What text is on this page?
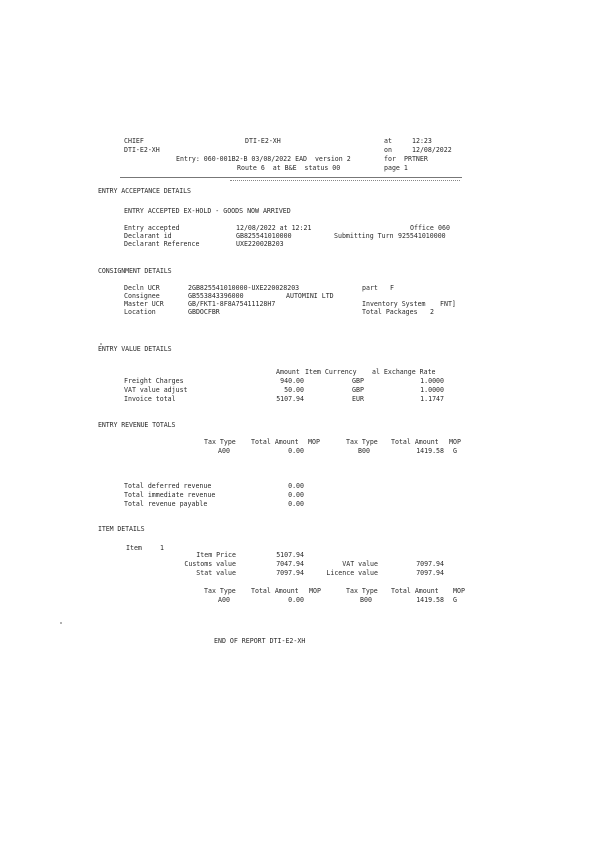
CHIEF	DTI-E2-XH	at	12:23
DTI-E2-XH	on	12/08/2022
Entry: 060-001B2-B 03/08/2022 EAD  version 2	for PRTNER
Route 6  at B&E  status 00	page 1
ENTRY ACCEPTANCE DETAILS
ENTRY ACCEPTED EX-HOLD - GOODS NOW ARRIVED
Entry accepted	12/08/2022 at 12:21	Office 060
Declarant id	GB825541010000	Submitting Turn 925541010000
Declarant Reference	UXE22002B203
CONSIGNMENT DETAILS
Decln UCR	2GB825541010000-UXE220028203	part F
Consignee	GB553843396000	AUTOMINI LTD
Master UCR	GB/FKT1-8F8A75411128H7	Inventory System FNT]
Location	GBDOCFBR	Total Packages 2
ENTRY VALUE DETAILS
Amount Item Currency al Exchange Rate
Freight Charges	940.00	GBP	1.0000
VAT value adjust	50.00	GBP	1.0000
Invoice total	5107.94	EUR	1.1747
ENTRY REVENUE TOTALS
Tax Type Total Amount MOP	Tax Type Total Amount MOP
A00	0.00	B00	1419.58 G
Total deferred revenue	0.00
Total immediate revenue	0.00
Total revenue payable	0.00
ITEM DETAILS
Item	1
Item Price	5107.94
Customs value	7047.94	VAT value	7097.94
Stat value	7097.94	Licence value	7097.94
Tax Type Total Amount MOP	Tax Type Total Amount MOP
A00	0.00	B00	1419.58 G
END OF REPORT DTI-E2-XH
